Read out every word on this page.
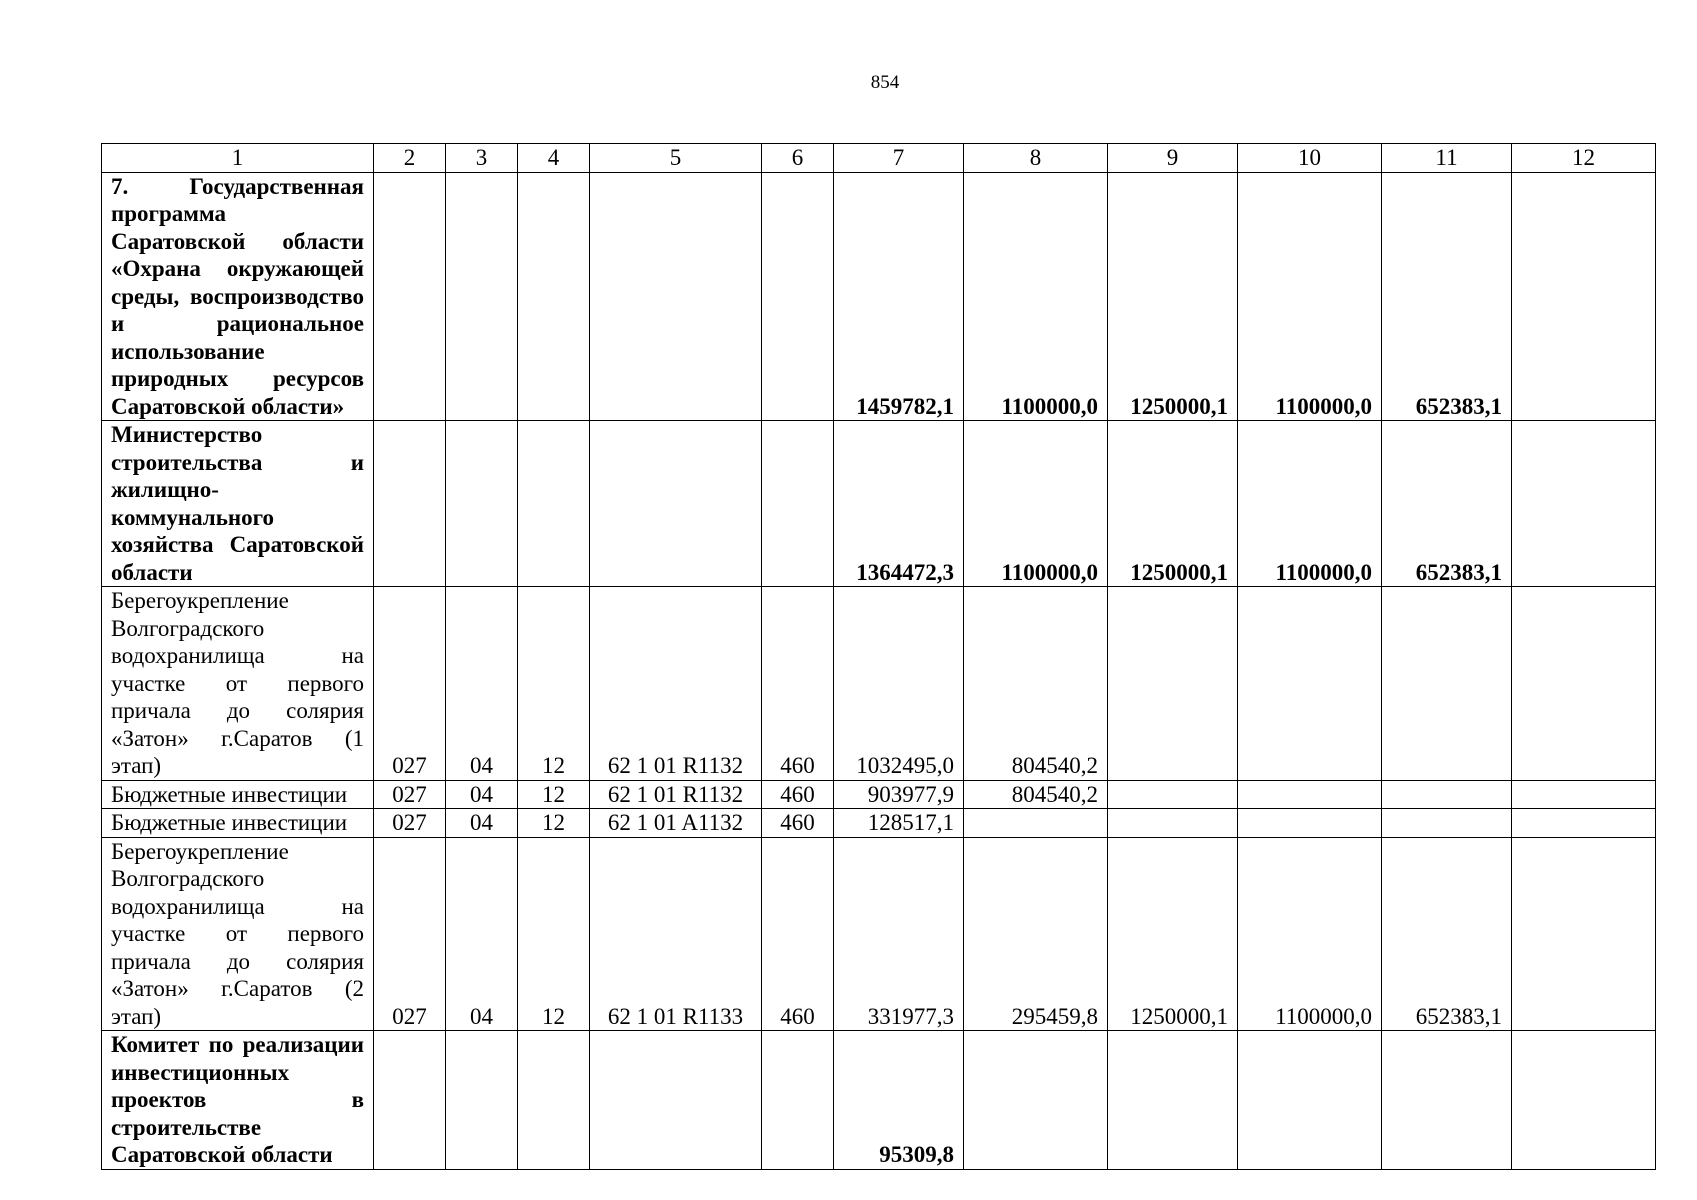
854
1	2	3	4	5	6	7	8	9	10	11	12
7. Государственная программа Саратовской области «Охрана окружающей среды, воспроизводство и рациональное использование природных ресурсов Саратовской области»						1459782,1	1100000,0	1250000,1	1100000,0	652383,1	
Министерство строительства и жилищно-коммунального хозяйства Саратовской области						1364472,3	1100000,0	1250000,1	1100000,0	652383,1	
Берегоукрепление Волгоградского водохранилища на участке от первого причала до солярия «Затон» г.Саратов (1 этап)	027	04	12	62 1 01 R1132	460	1032495,0	804540,2				
Бюджетные инвестиции	027	04	12	62 1 01 R1132	460	903977,9	804540,2				
Бюджетные инвестиции	027	04	12	62 1 01 A1132	460	128517,1					
Берегоукрепление Волгоградского водохранилища на участке от первого причала до солярия «Затон» г.Саратов (2 этап)	027	04	12	62 1 01 R1133	460	331977,3	295459,8	1250000,1	1100000,0	652383,1	
Комитет по реализации инвестиционных проектов в строительстве Саратовской области						95309,8					
